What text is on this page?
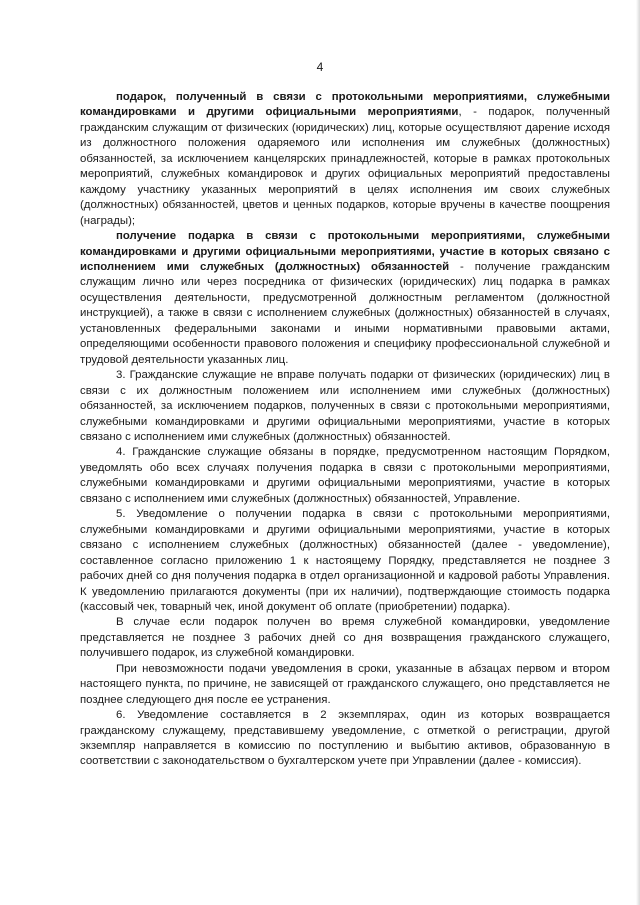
4

подарок, полученный в связи с протокольными мероприятиями, служебными командировками и другими официальными мероприятиями, - подарок, полученный гражданским служащим от физических (юридических) лиц, которые осуществляют дарение исходя из должностного положения одаряемого или исполнения им служебных (должностных) обязанностей, за исключением канцелярских принадлежностей, которые в рамках протокольных мероприятий, служебных командировок и других официальных мероприятий предоставлены каждому участнику указанных мероприятий в целях исполнения им своих служебных (должностных) обязанностей, цветов и ценных подарков, которые вручены в качестве поощрения (награды);

получение подарка в связи с протокольными мероприятиями, служебными командировками и другими официальными мероприятиями, участие в которых связано с исполнением ими служебных (должностных) обязанностей - получение гражданским служащим лично или через посредника от физических (юридических) лиц подарка в рамках осуществления деятельности, предусмотренной должностным регламентом (должностной инструкцией), а также в связи с исполнением служебных (должностных) обязанностей в случаях, установленных федеральными законами и иными нормативными правовыми актами, определяющими особенности правового положения и специфику профессиональной служебной и трудовой деятельности указанных лиц.

3. Гражданские служащие не вправе получать подарки от физических (юридических) лиц в связи с их должностным положением или исполнением ими служебных (должностных) обязанностей, за исключением подарков, полученных в связи с протокольными мероприятиями, служебными командировками и другими официальными мероприятиями, участие в которых связано с исполнением ими служебных (должностных) обязанностей.

4. Гражданские служащие обязаны в порядке, предусмотренном настоящим Порядком, уведомлять обо всех случаях получения подарка в связи с протокольными мероприятиями, служебными командировками и другими официальными мероприятиями, участие в которых связано с исполнением ими служебных (должностных) обязанностей, Управление.

5. Уведомление о получении подарка в связи с протокольными мероприятиями, служебными командировками и другими официальными мероприятиями, участие в которых связано с исполнением служебных (должностных) обязанностей (далее - уведомление), составленное согласно приложению 1 к настоящему Порядку, представляется не позднее 3 рабочих дней со дня получения подарка в отдел организационной и кадровой работы Управления. К уведомлению прилагаются документы (при их наличии), подтверждающие стоимость подарка (кассовый чек, товарный чек, иной документ об оплате (приобретении) подарка).

В случае если подарок получен во время служебной командировки, уведомление представляется не позднее 3 рабочих дней со дня возвращения гражданского служащего, получившего подарок, из служебной командировки.

При невозможности подачи уведомления в сроки, указанные в абзацах первом и втором настоящего пункта, по причине, не зависящей от гражданского служащего, оно представляется не позднее следующего дня после ее устранения.

6. Уведомление составляется в 2 экземплярах, один из которых возвращается гражданскому служащему, представившему уведомление, с отметкой о регистрации, другой экземпляр направляется в комиссию по поступлению и выбытию активов, образованную в соответствии с законодательством о бухгалтерском учете при Управлении (далее - комиссия).
